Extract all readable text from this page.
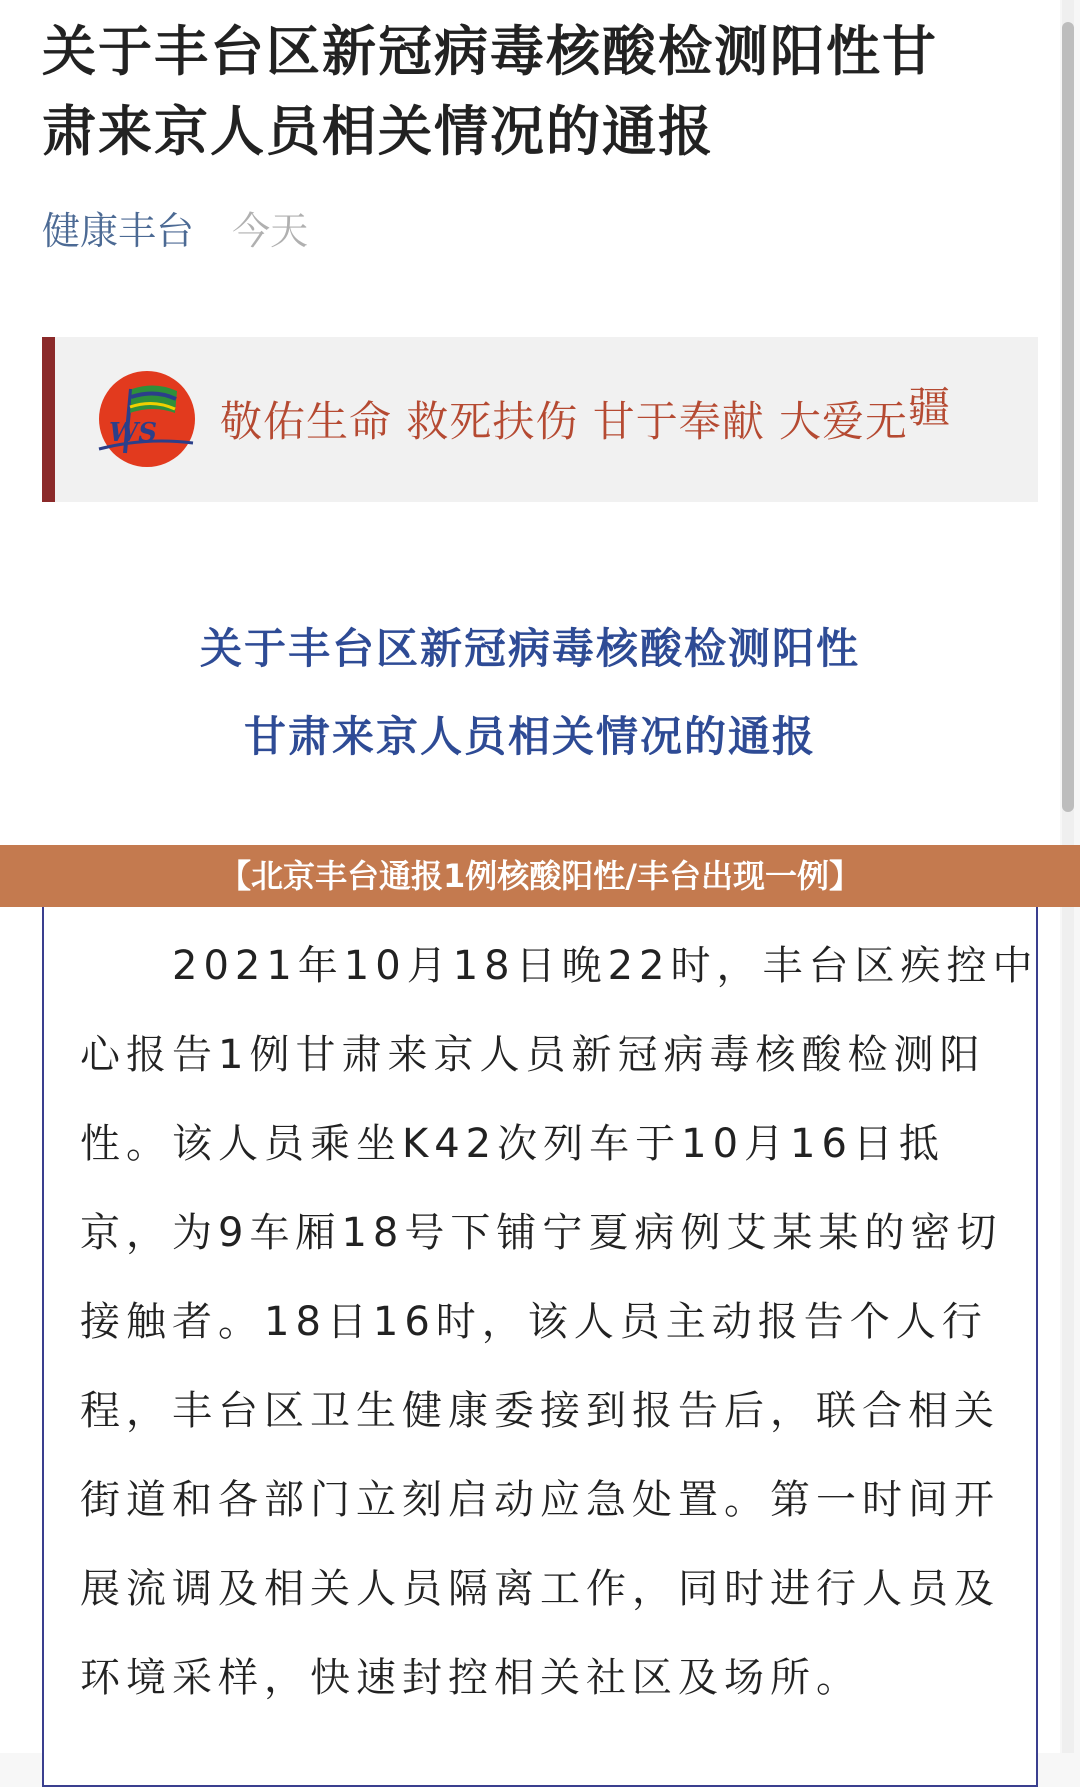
关于丰台区新冠病毒核酸检测阳性甘
肃来京人员相关情况的通报
健康丰台 今天
WS 敬佑生命 救死扶伤 甘于奉献 大爱无疆
关于丰台区新冠病毒核酸检测阳性
甘肃来京人员相关情况的通报
　　2021年10月18日晚22时，丰台区疾控中
心报告1例甘肃来京人员新冠病毒核酸检测阳
性。该人员乘坐K42次列车于10月16日抵
京，为9车厢18号下铺宁夏病例艾某某的密切
接触者。18日16时，该人员主动报告个人行
程，丰台区卫生健康委接到报告后，联合相关
街道和各部门立刻启动应急处置。第一时间开
展流调及相关人员隔离工作，同时进行人员及
环境采样，快速封控相关社区及场所。
【北京丰台通报1例核酸阳性/丰台出现一例】
